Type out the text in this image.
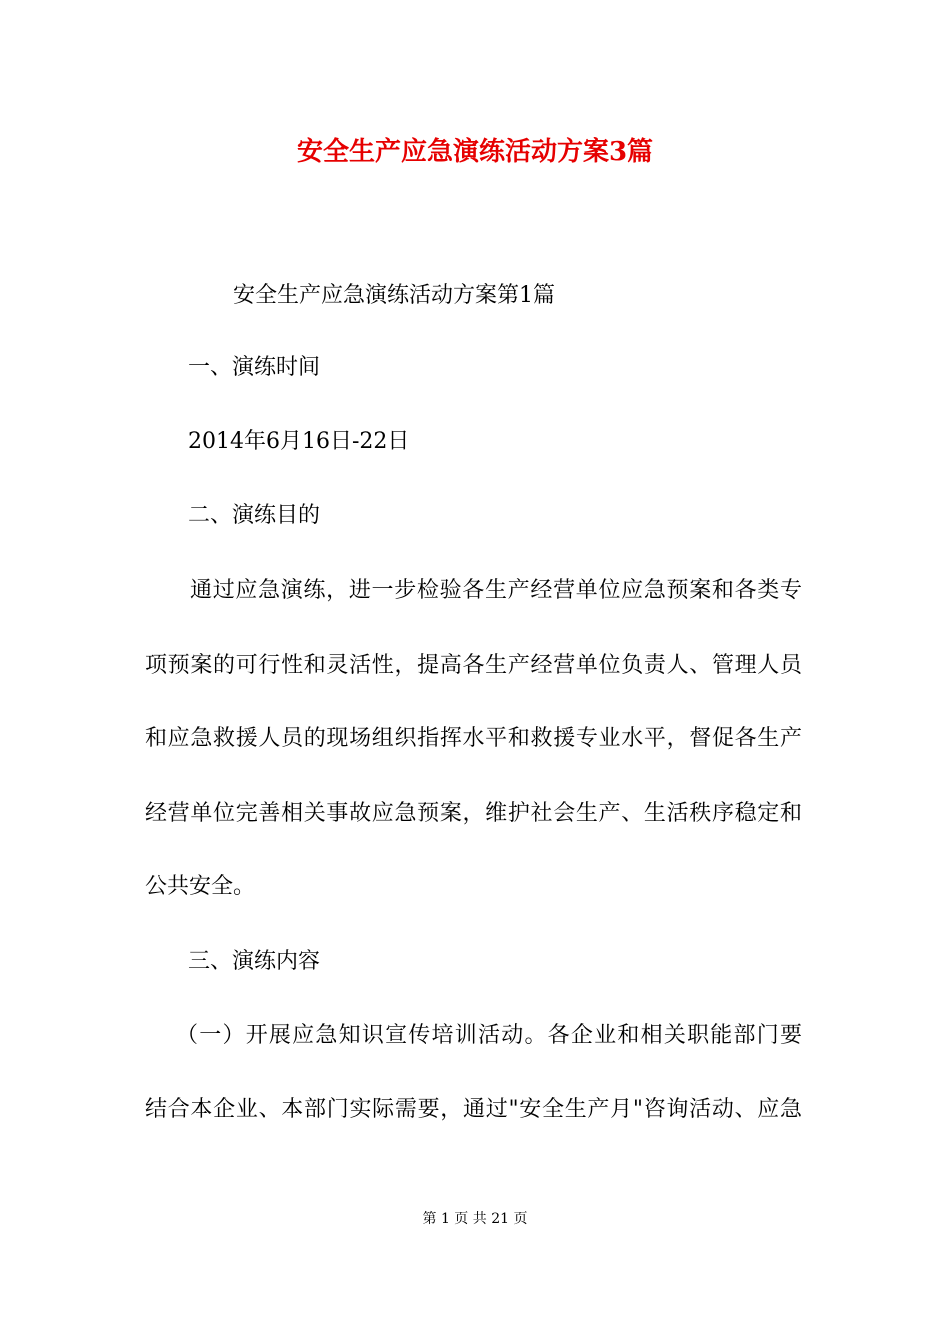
安全生产应急演练活动方案3篇
安全生产应急演练活动方案第1篇
一、演练时间
2014年6月16日-22日
二、演练目的
通过应急演练，进一步检验各生产经营单位应急预案和各类专
项预案的可行性和灵活性，提高各生产经营单位负责人、管理人员
和应急救援人员的现场组织指挥水平和救援专业水平，督促各生产
经营单位完善相关事故应急预案，维护社会生产、生活秩序稳定和
公共安全。
三、演练内容
（一）开展应急知识宣传培训活动。各企业和相关职能部门要
结合本企业、本部门实际需要，通过"安全生产月"咨询活动、应急
第 1 页 共 21 页
